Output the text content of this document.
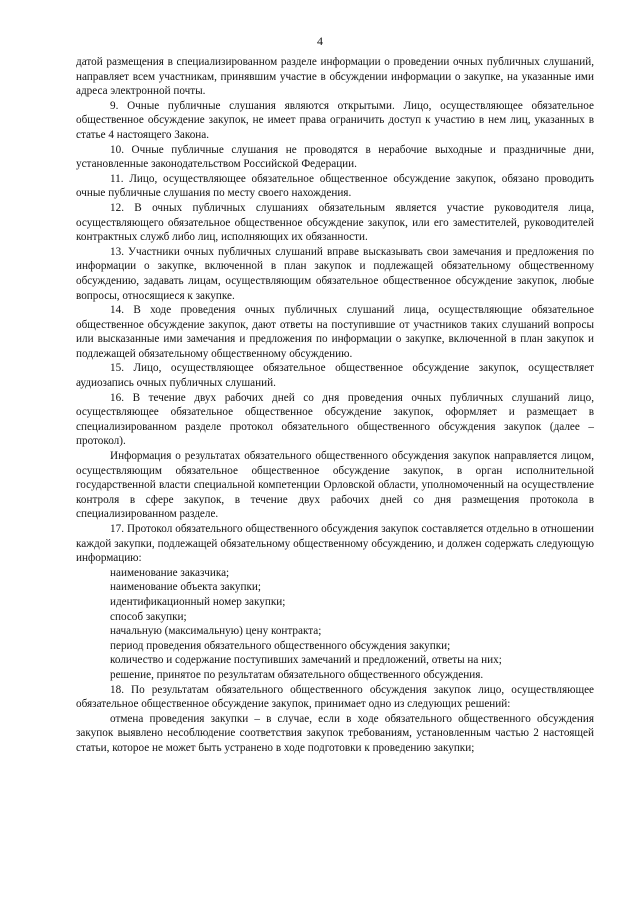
4

датой размещения в специализированном разделе информации о проведении очных публичных слушаний, направляет всем участникам, принявшим участие в обсуждении информации о закупке, на указанные ими адреса электронной почты.

9. Очные публичные слушания являются открытыми. Лицо, осуществляющее обязательное общественное обсуждение закупок, не имеет права ограничить доступ к участию в нем лиц, указанных в статье 4 настоящего Закона.

10. Очные публичные слушания не проводятся в нерабочие выходные и праздничные дни, установленные законодательством Российской Федерации.

11. Лицо, осуществляющее обязательное общественное обсуждение закупок, обязано проводить очные публичные слушания по месту своего нахождения.

12. В очных публичных слушаниях обязательным является участие руководителя лица, осуществляющего обязательное общественное обсуждение закупок, или его заместителей, руководителей контрактных служб либо лиц, исполняющих их обязанности.

13. Участники очных публичных слушаний вправе высказывать свои замечания и предложения по информации о закупке, включенной в план закупок и подлежащей обязательному общественному обсуждению, задавать лицам, осуществляющим обязательное общественное обсуждение закупок, любые вопросы, относящиеся к закупке.

14. В ходе проведения очных публичных слушаний лица, осуществляющие обязательное общественное обсуждение закупок, дают ответы на поступившие от участников таких слушаний вопросы или высказанные ими замечания и предложения по информации о закупке, включенной в план закупок и подлежащей обязательному общественному обсуждению.

15. Лицо, осуществляющее обязательное общественное обсуждение закупок, осуществляет аудиозапись очных публичных слушаний.

16. В течение двух рабочих дней со дня проведения очных публичных слушаний лицо, осуществляющее обязательное общественное обсуждение закупок, оформляет и размещает в специализированном разделе протокол обязательного общественного обсуждения закупок (далее – протокол).

Информация о результатах обязательного общественного обсуждения закупок направляется лицом, осуществляющим обязательное общественное обсуждение закупок, в орган исполнительной государственной власти специальной компетенции Орловской области, уполномоченный на осуществление контроля в сфере закупок, в течение двух рабочих дней со дня размещения протокола в специализированном разделе.

17. Протокол обязательного общественного обсуждения закупок составляется отдельно в отношении каждой закупки, подлежащей обязательному общественному обсуждению, и должен содержать следующую информацию:

наименование заказчика;

наименование объекта закупки;

идентификационный номер закупки;

способ закупки;

начальную (максимальную) цену контракта;

период проведения обязательного общественного обсуждения закупки;

количество и содержание поступивших замечаний и предложений, ответы на них;

решение, принятое по результатам обязательного общественного обсуждения.

18. По результатам обязательного общественного обсуждения закупок лицо, осуществляющее обязательное общественное обсуждение закупок, принимает одно из следующих решений:

отмена проведения закупки – в случае, если в ходе обязательного общественного обсуждения закупок выявлено несоблюдение соответствия закупок требованиям, установленным частью 2 настоящей статьи, которое не может быть устранено в ходе подготовки к проведению закупки;
